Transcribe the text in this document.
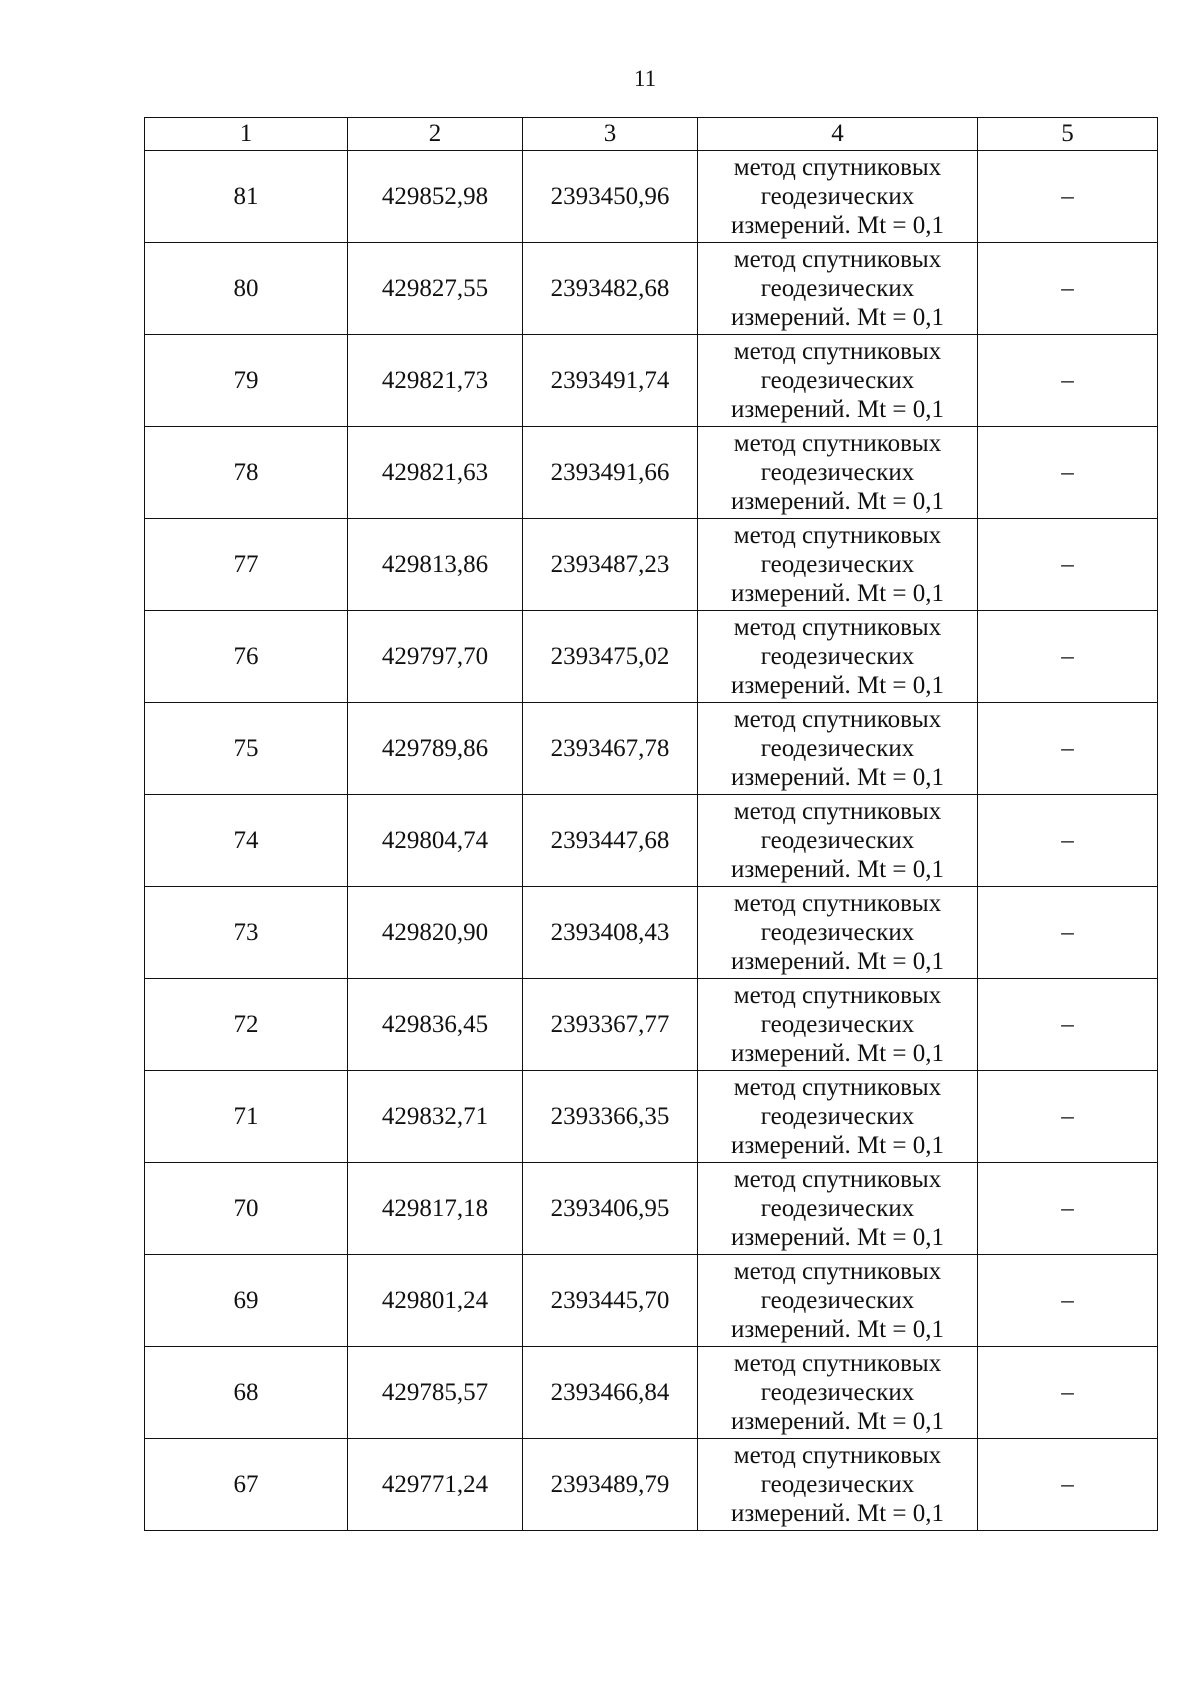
11
1	2	3	4	5
81	429852,98	2393450,96	метод спутниковых
геодезических
измерений. Mt = 0,1	–
80	429827,55	2393482,68	метод спутниковых
геодезических
измерений. Mt = 0,1	–
79	429821,73	2393491,74	метод спутниковых
геодезических
измерений. Mt = 0,1	–
78	429821,63	2393491,66	метод спутниковых
геодезических
измерений. Mt = 0,1	–
77	429813,86	2393487,23	метод спутниковых
геодезических
измерений. Mt = 0,1	–
76	429797,70	2393475,02	метод спутниковых
геодезических
измерений. Mt = 0,1	–
75	429789,86	2393467,78	метод спутниковых
геодезических
измерений. Mt = 0,1	–
74	429804,74	2393447,68	метод спутниковых
геодезических
измерений. Mt = 0,1	–
73	429820,90	2393408,43	метод спутниковых
геодезических
измерений. Mt = 0,1	–
72	429836,45	2393367,77	метод спутниковых
геодезических
измерений. Mt = 0,1	–
71	429832,71	2393366,35	метод спутниковых
геодезических
измерений. Mt = 0,1	–
70	429817,18	2393406,95	метод спутниковых
геодезических
измерений. Mt = 0,1	–
69	429801,24	2393445,70	метод спутниковых
геодезических
измерений. Mt = 0,1	–
68	429785,57	2393466,84	метод спутниковых
геодезических
измерений. Mt = 0,1	–
67	429771,24	2393489,79	метод спутниковых
геодезических
измерений. Mt = 0,1	–
